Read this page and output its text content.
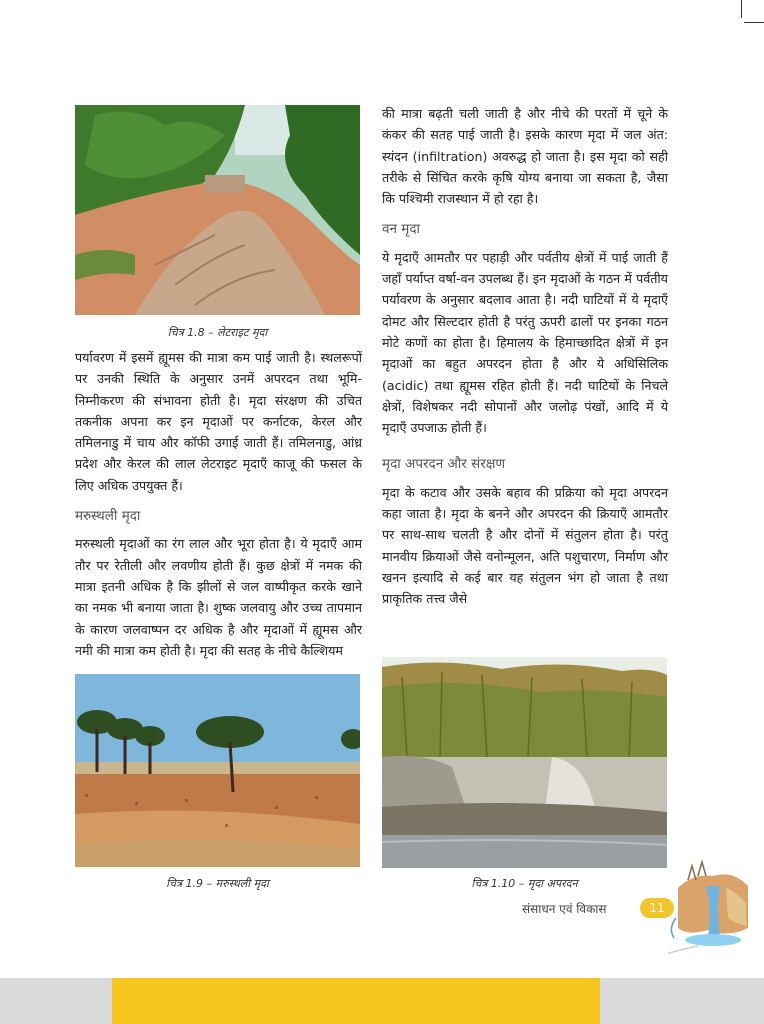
चित्र 1.8 – लेटराइट मृदा

पर्यावरण में इसमें ह्यूमस की मात्रा कम पाई जाती है। स्थलरूपों पर उनकी स्थिति के अनुसार उनमें अपरदन तथा भूमि-निम्नीकरण की संभावना होती है। मृदा संरक्षण की उचित तकनीक अपना कर इन मृदाओं पर कर्नाटक, केरल और तमिलनाडु में चाय और कॉफी उगाई जाती हैं। तमिलनाडु, आंध्र प्रदेश और केरल की लाल लेटराइट मृदाएँ काजू की फसल के लिए अधिक उपयुक्त हैं।

मरुस्थली मृदा

मरुस्थली मृदाओं का रंग लाल और भूरा होता है। ये मृदाएँ आम तौर पर रेतीली और लवणीय होती हैं। कुछ क्षेत्रों में नमक की मात्रा इतनी अधिक है कि झीलों से जल वाष्पीकृत करके खाने का नमक भी बनाया जाता है। शुष्क जलवायु और उच्च तापमान के कारण जलवाष्पन दर अधिक है और मृदाओं में ह्यूमस और नमी की मात्रा कम होती है। मृदा की सतह के नीचे कैल्शियम

चित्र 1.9 – मरुस्थली मृदा

की मात्रा बढ़ती चली जाती है और नीचे की परतों में चूने के कंकर की सतह पाई जाती है। इसके कारण मृदा में जल अंत: स्यंदन (infiltration) अवरुद्ध हो जाता है। इस मृदा को सही तरीके से सिंचित करके कृषि योग्य बनाया जा सकता है, जैसा कि पश्चिमी राजस्थान में हो रहा है।

वन मृदा

ये मृदाएँ आमतौर पर पहाड़ी और पर्वतीय क्षेत्रों में पाई जाती हैं जहाँ पर्याप्त वर्षा-वन उपलब्ध हैं। इन मृदाओं के गठन में पर्वतीय पर्यावरण के अनुसार बदलाव आता है। नदी घाटियों में ये मृदाएँ दोमट और सिल्टदार होती है परंतु ऊपरी ढालों पर इनका गठन मोटे कणों का होता है। हिमालय के हिमाच्छादित क्षेत्रों में इन मृदाओं का बहुत अपरदन होता है और ये अधिसिलिक (acidic) तथा ह्यूमस रहित होती हैं। नदी घाटियों के निचले क्षेत्रों, विशेषकर नदी सोपानों और जलोढ़ पंखों, आदि में ये मृदाएँ उपजाऊ होती हैं।

मृदा अपरदन और संरक्षण

मृदा के कटाव और उसके बहाव की प्रक्रिया को मृदा अपरदन कहा जाता है। मृदा के बनने और अपरदन की क्रियाएँ आमतौर पर साथ-साथ चलती है और दोनों में संतुलन होता है। परंतु मानवीय क्रियाओं जैसे वनोन्मूलन, अति पशुचारण, निर्माण और खनन इत्यादि से कई बार यह संतुलन भंग हो जाता है तथा प्राकृतिक तत्त्व जैसे

चित्र 1.10 – मृदा अपरदन
संसाधन एवं विकास	11
